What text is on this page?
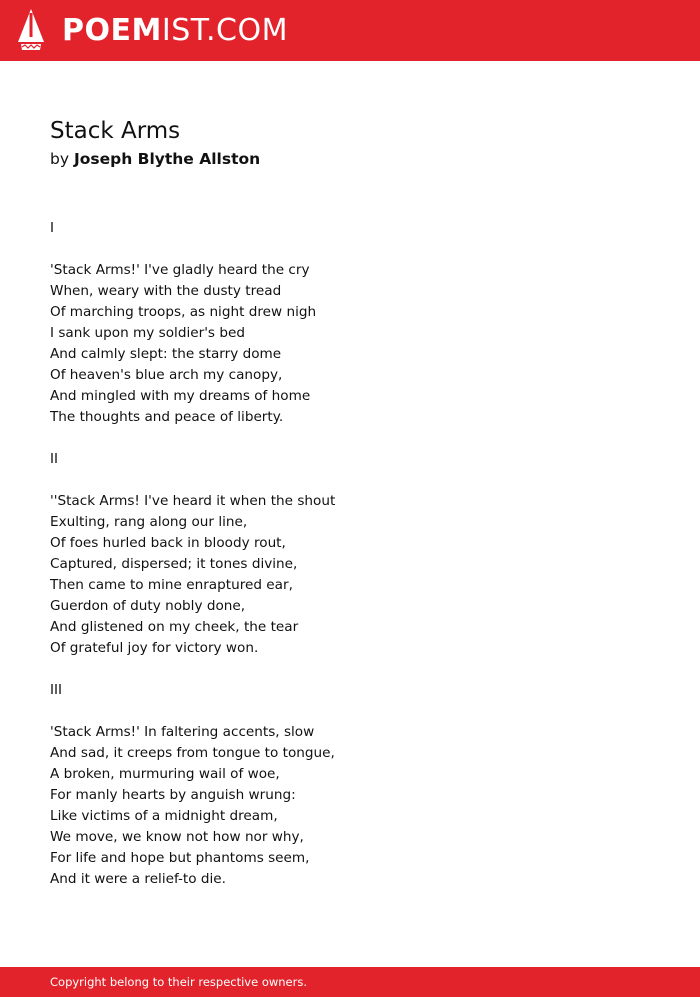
POEMIST.COM
Stack Arms
by Joseph Blythe Allston
I
'Stack Arms!' I've gladly heard the cry
When, weary with the dusty tread
Of marching troops, as night drew nigh
I sank upon my soldier's bed
And calmly slept: the starry dome
Of heaven's blue arch my canopy,
And mingled with my dreams of home
The thoughts and peace of liberty.
II
''Stack Arms! I've heard it when the shout
Exulting, rang along our line,
Of foes hurled back in bloody rout,
Captured, dispersed; it tones divine,
Then came to mine enraptured ear,
Guerdon of duty nobly done,
And glistened on my cheek, the tear
Of grateful joy for victory won.
III
'Stack Arms!' In faltering accents, slow
And sad, it creeps from tongue to tongue,
A broken, murmuring wail of woe,
For manly hearts by anguish wrung:
Like victims of a midnight dream,
We move, we know not how nor why,
For life and hope but phantoms seem,
And it were a relief-to die.
Copyright belong to their respective owners.
